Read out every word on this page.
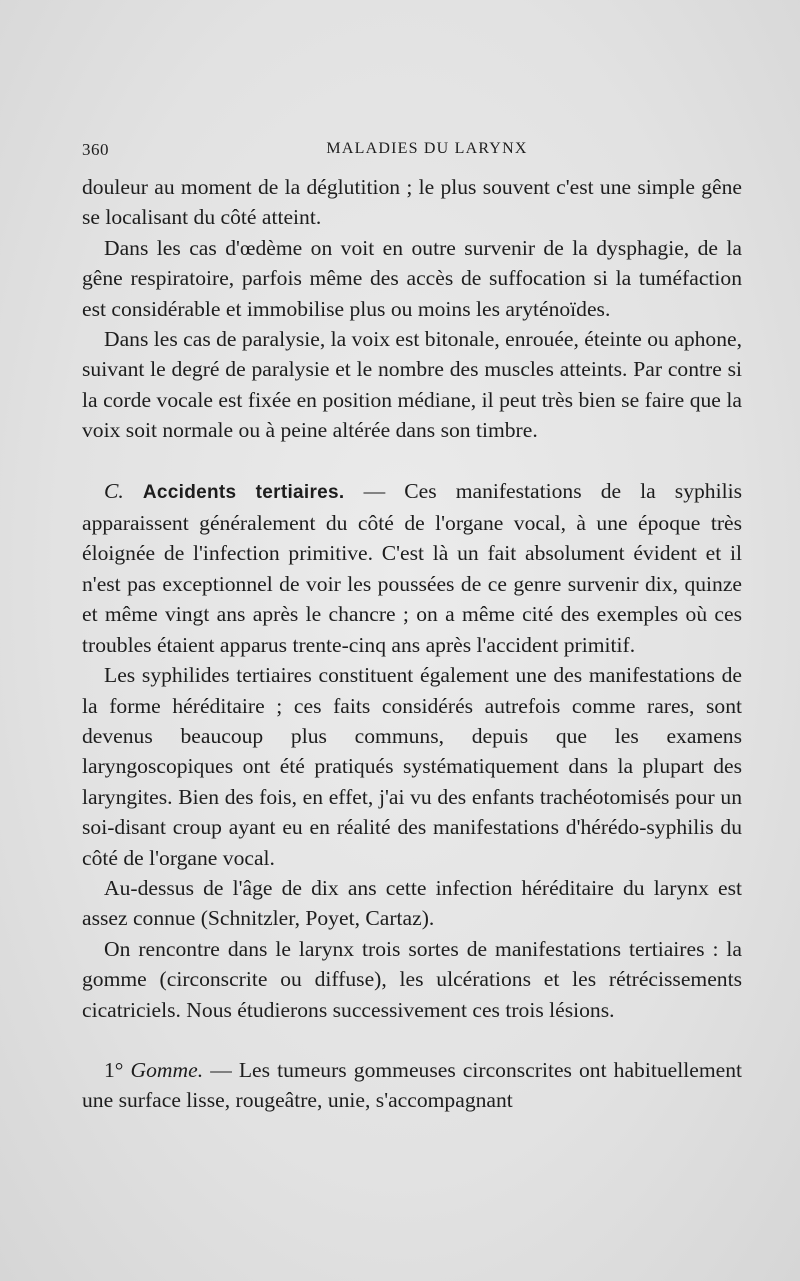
360	MALADIES DU LARYNX

douleur au moment de la déglutition ; le plus souvent c'est une simple gêne se localisant du côté atteint.

Dans les cas d'œdème on voit en outre survenir de la dysphagie, de la gêne respiratoire, parfois même des accès de suffocation si la tuméfaction est considérable et immobilise plus ou moins les aryténoïdes.

Dans les cas de paralysie, la voix est bitonale, enrouée, éteinte ou aphone, suivant le degré de paralysie et le nombre des muscles atteints. Par contre si la corde vocale est fixée en position médiane, il peut très bien se faire que la voix soit normale ou à peine altérée dans son timbre.

C. Accidents tertiaires. — Ces manifestations de la syphilis apparaissent généralement du côté de l'organe vocal, à une époque très éloignée de l'infection primitive. C'est là un fait absolument évident et il n'est pas exceptionnel de voir les poussées de ce genre survenir dix, quinze et même vingt ans après le chancre ; on a même cité des exemples où ces troubles étaient apparus trente-cinq ans après l'accident primitif.

Les syphilides tertiaires constituent également une des manifestations de la forme héréditaire ; ces faits considérés autrefois comme rares, sont devenus beaucoup plus communs, depuis que les examens laryngoscopiques ont été pratiqués systématiquement dans la plupart des laryngites. Bien des fois, en effet, j'ai vu des enfants trachéotomisés pour un soi-disant croup ayant eu en réalité des manifestations d'hérédo-syphilis du côté de l'organe vocal.

Au-dessus de l'âge de dix ans cette infection héréditaire du larynx est assez connue (Schnitzler, Poyet, Cartaz).

On rencontre dans le larynx trois sortes de manifestations tertiaires : la gomme (circonscrite ou diffuse), les ulcérations et les rétrécissements cicatriciels. Nous étudierons successivement ces trois lésions.

1° Gomme. — Les tumeurs gommeuses circonscrites ont habituellement une surface lisse, rougeâtre, unie, s'accompagnant
